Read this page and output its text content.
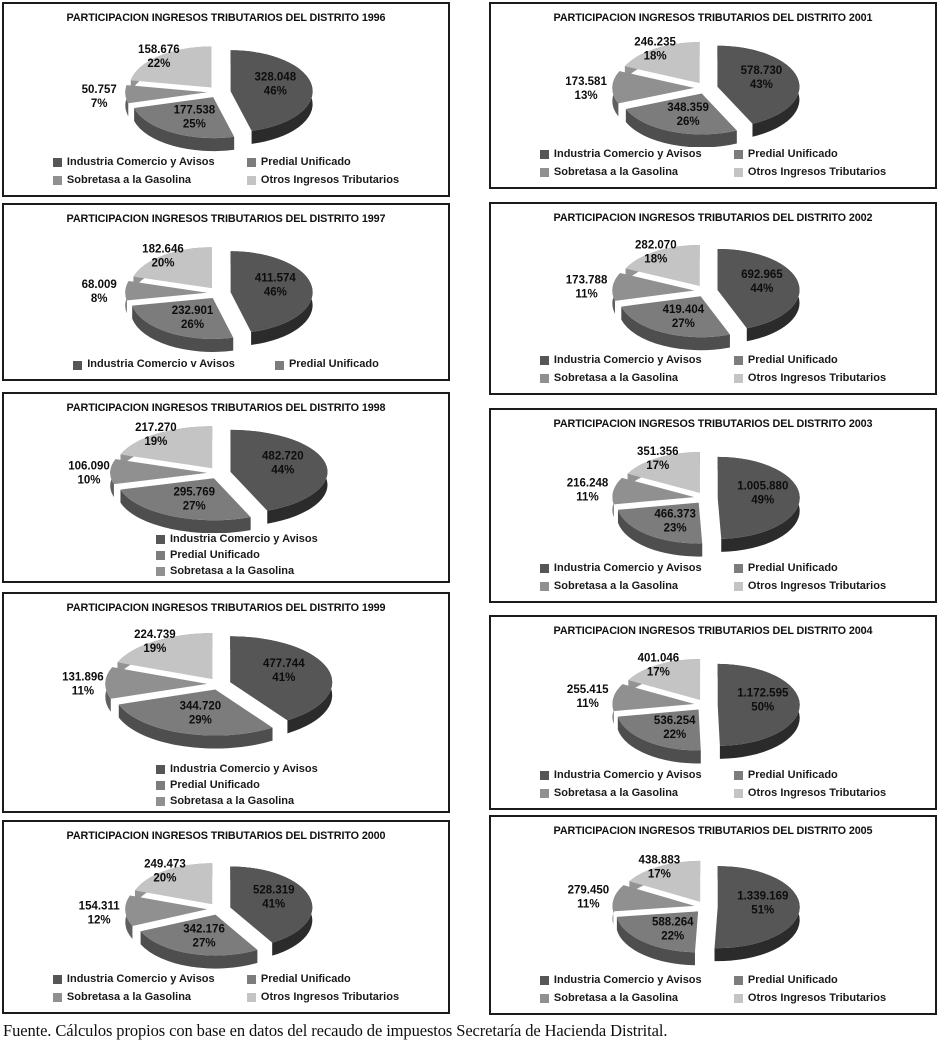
PARTICIPACION INGRESOS TRIBUTARIOS DEL DISTRITO 1996
328.048 46%
177.538 25%
50.757 7%
158.676 22%
Industria Comercio y Avisos	Predial Unificado
Sobretasa a la Gasolina	Otros Ingresos Tributarios
PARTICIPACION INGRESOS TRIBUTARIOS DEL DISTRITO 1997
411.574 46%
232.901 26%
68.009 8%
182.646 20%
Industria Comercio v Avisos	Predial Unificado
PARTICIPACION INGRESOS TRIBUTARIOS DEL DISTRITO 1998
482.720 44%
295.769 27%
106.090 10%
217.270 19%
Industria Comercio y Avisos
Predial Unificado
Sobretasa a la Gasolina
PARTICIPACION INGRESOS TRIBUTARIOS DEL DISTRITO 1999
477.744 41%
344.720 29%
131.896 11%
224.739 19%
Industria Comercio y Avisos
Predial Unificado
Sobretasa a la Gasolina
PARTICIPACION INGRESOS TRIBUTARIOS DEL DISTRITO 2000
528.319 41%
342.176 27%
154.311 12%
249.473 20%
Industria Comercio y Avisos	Predial Unificado
Sobretasa a la Gasolina	Otros Ingresos Tributarios
PARTICIPACION INGRESOS TRIBUTARIOS DEL DISTRITO 2001
578.730 43%
348.359 26%
173.581 13%
246.235 18%
Industria Comercio y Avisos	Predial Unificado
Sobretasa a la Gasolina	Otros Ingresos Tributarios
PARTICIPACION INGRESOS TRIBUTARIOS DEL DISTRITO 2002
692.965 44%
419.404 27%
173.788 11%
282.070 18%
Industria Comercio y Avisos	Predial Unificado
Sobretasa a la Gasolina	Otros Ingresos Tributarios
PARTICIPACION INGRESOS TRIBUTARIOS DEL DISTRITO 2003
1.005.880 49%
466.373 23%
216.248 11%
351.356 17%
Industria Comercio y Avisos	Predial Unificado
Sobretasa a la Gasolina	Otros Ingresos Tributarios
PARTICIPACION INGRESOS TRIBUTARIOS DEL DISTRITO 2004
1.172.595 50%
536.254 22%
255.415 11%
401.046 17%
Industria Comercio y Avisos	Predial Unificado
Sobretasa a la Gasolina	Otros Ingresos Tributarios
PARTICIPACION INGRESOS TRIBUTARIOS DEL DISTRITO 2005
1.339.169 51%
588.264 22%
279.450 11%
438.883 17%
Industria Comercio y Avisos	Predial Unificado
Sobretasa a la Gasolina	Otros Ingresos Tributarios

Fuente. Cálculos propios con base en datos del recaudo de impuestos Secretaría de Hacienda Distrital.
